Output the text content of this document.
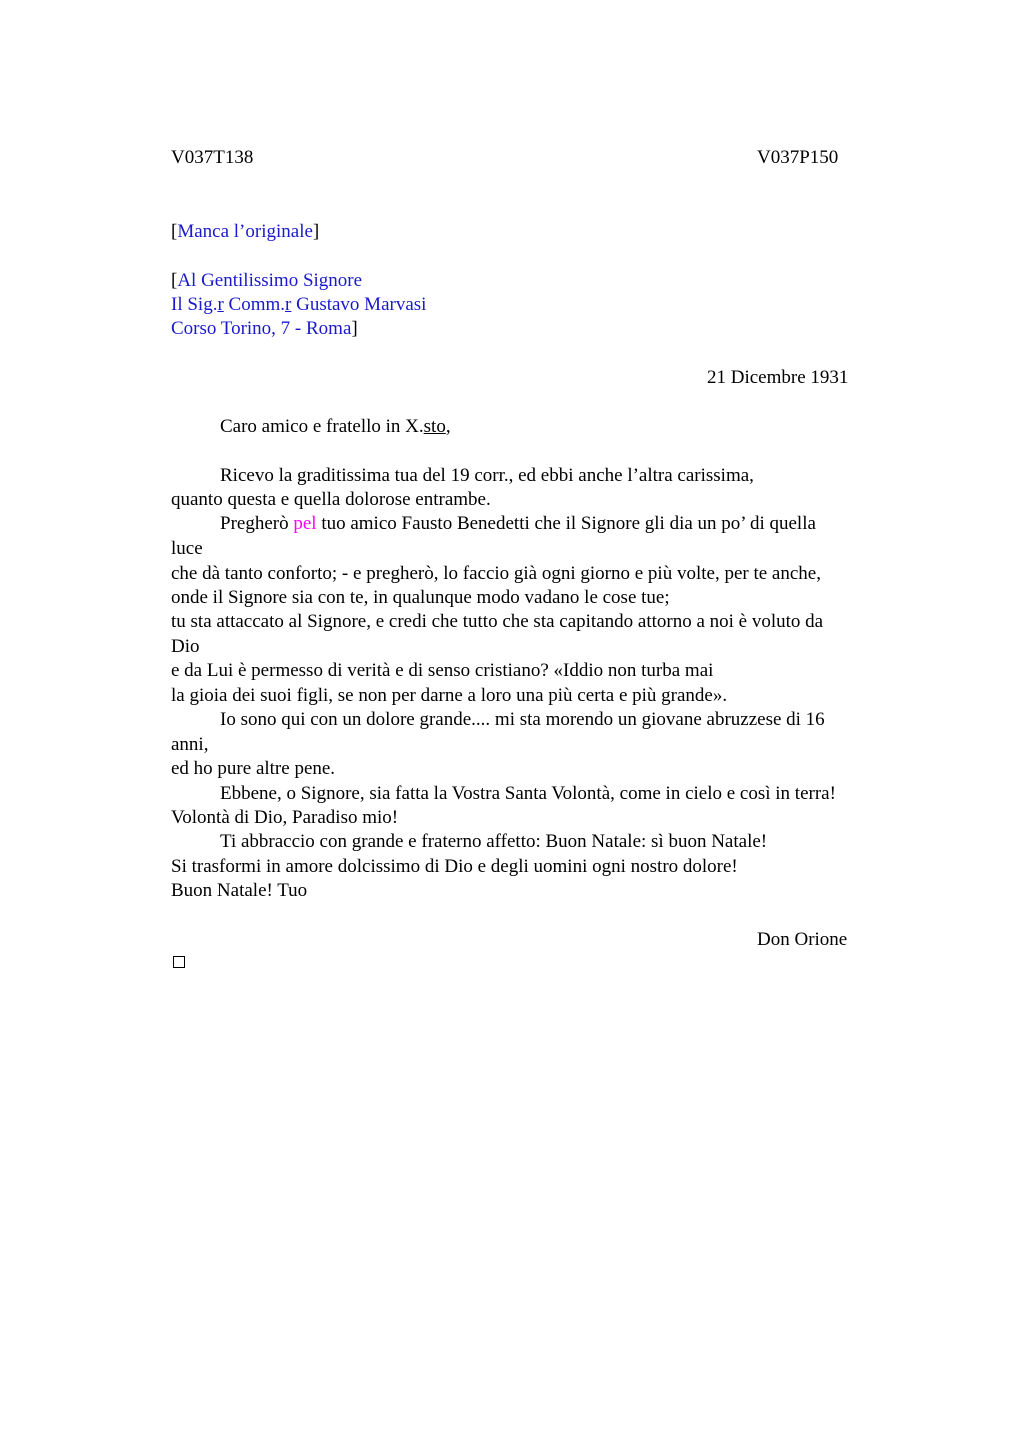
V037T138	V037P150
[Manca l’originale]
[Al Gentilissimo Signore
Il Sig.r Comm.r Gustavo Marvasi
Corso Torino, 7 - Roma]
21 Dicembre 1931
Caro amico e fratello in X.sto,
Ricevo la graditissima tua del 19 corr., ed ebbi anche l’altra carissima,
quanto questa e quella dolorose entrambe.
Pregherò pel tuo amico Fausto Benedetti che il Signore gli dia un po’ di quella
luce
che dà tanto conforto; - e pregherò, lo faccio già ogni giorno e più volte, per te anche,
onde il Signore sia con te, in qualunque modo vadano le cose tue;
tu sta attaccato al Signore, e credi che tutto che sta capitando attorno a noi è voluto da
Dio
e da Lui è permesso di verità e di senso cristiano? «Iddio non turba mai
la gioia dei suoi figli, se non per darne a loro una più certa e più grande».
Io sono qui con un dolore grande.... mi sta morendo un giovane abruzzese di 16
anni,
ed ho pure altre pene.
Ebbene, o Signore, sia fatta la Vostra Santa Volontà, come in cielo e così in terra!
Volontà di Dio, Paradiso mio!
Ti abbraccio con grande e fraterno affetto: Buon Natale: sì buon Natale!
Si trasformi in amore dolcissimo di Dio e degli uomini ogni nostro dolore!
Buon Natale! Tuo
Don Orione
